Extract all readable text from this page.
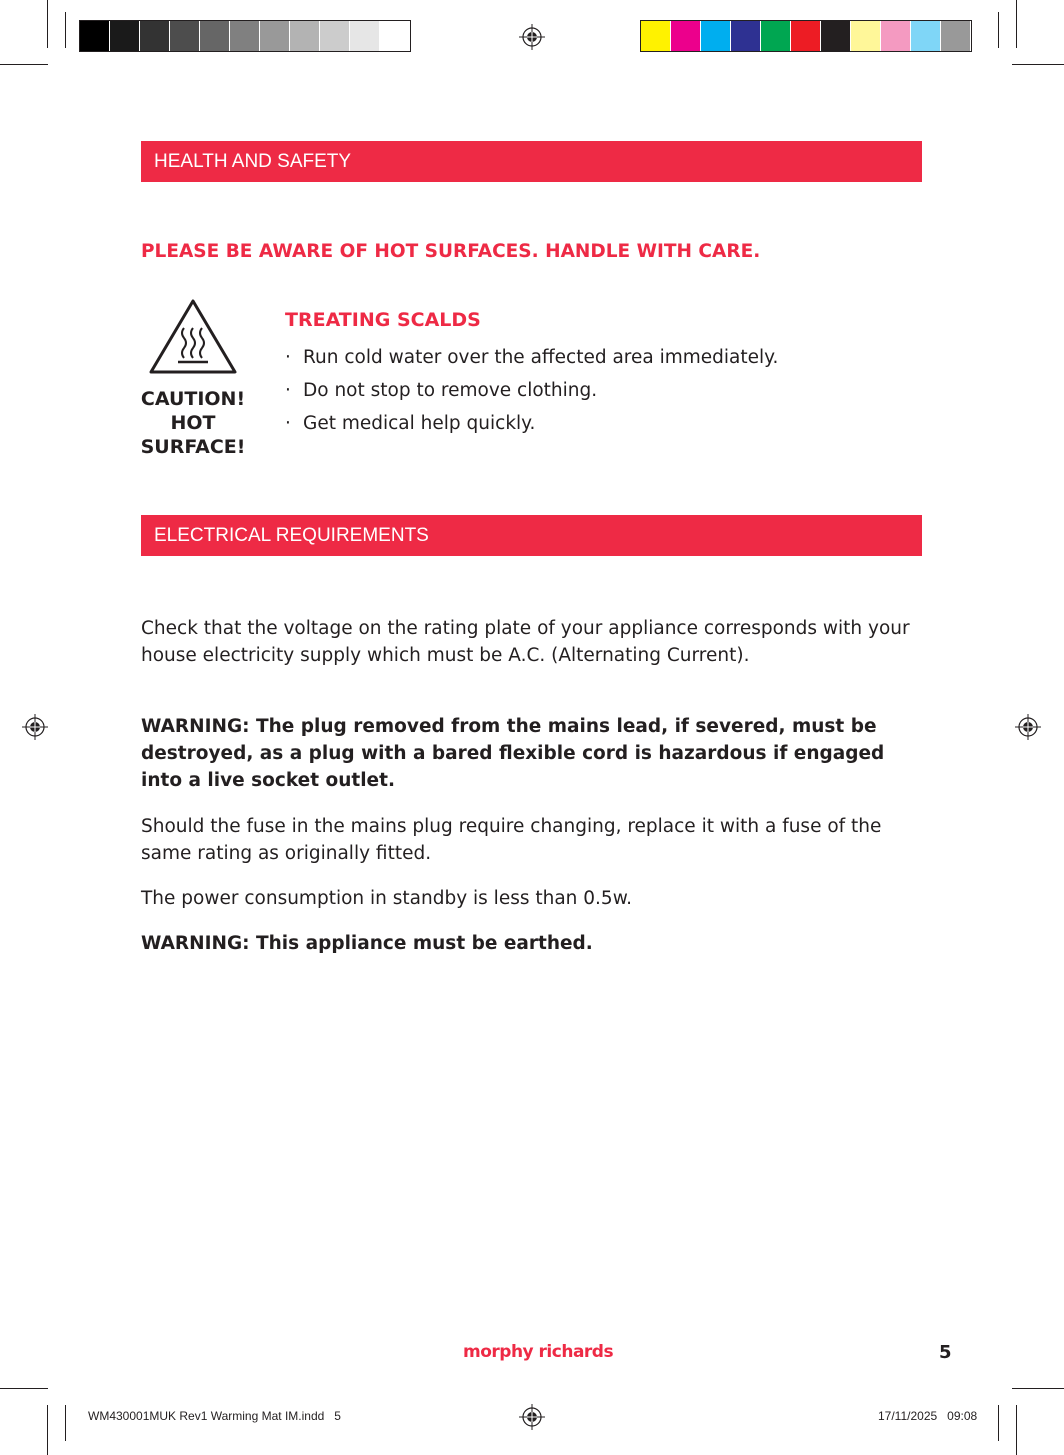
HEALTH AND SAFETY
PLEASE BE AWARE OF HOT SURFACES. HANDLE WITH CARE.
CAUTION!
HOT
SURFACE!
TREATING SCALDS
· Run cold water over the affected area immediately.
· Do not stop to remove clothing.
· Get medical help quickly.
ELECTRICAL REQUIREMENTS
Check that the voltage on the rating plate of your appliance corresponds with your house electricity supply which must be A.C. (Alternating Current).
WARNING: The plug removed from the mains lead, if severed, must be destroyed, as a plug with a bared flexible cord is hazardous if engaged into a live socket outlet.
Should the fuse in the mains plug require changing, replace it with a fuse of the same rating as originally fitted.
The power consumption in standby is less than 0.5w.
WARNING: This appliance must be earthed.
morphy richards	5
WM430001MUK Rev1 Warming Mat IM.indd   5	17/11/2025   09:08
